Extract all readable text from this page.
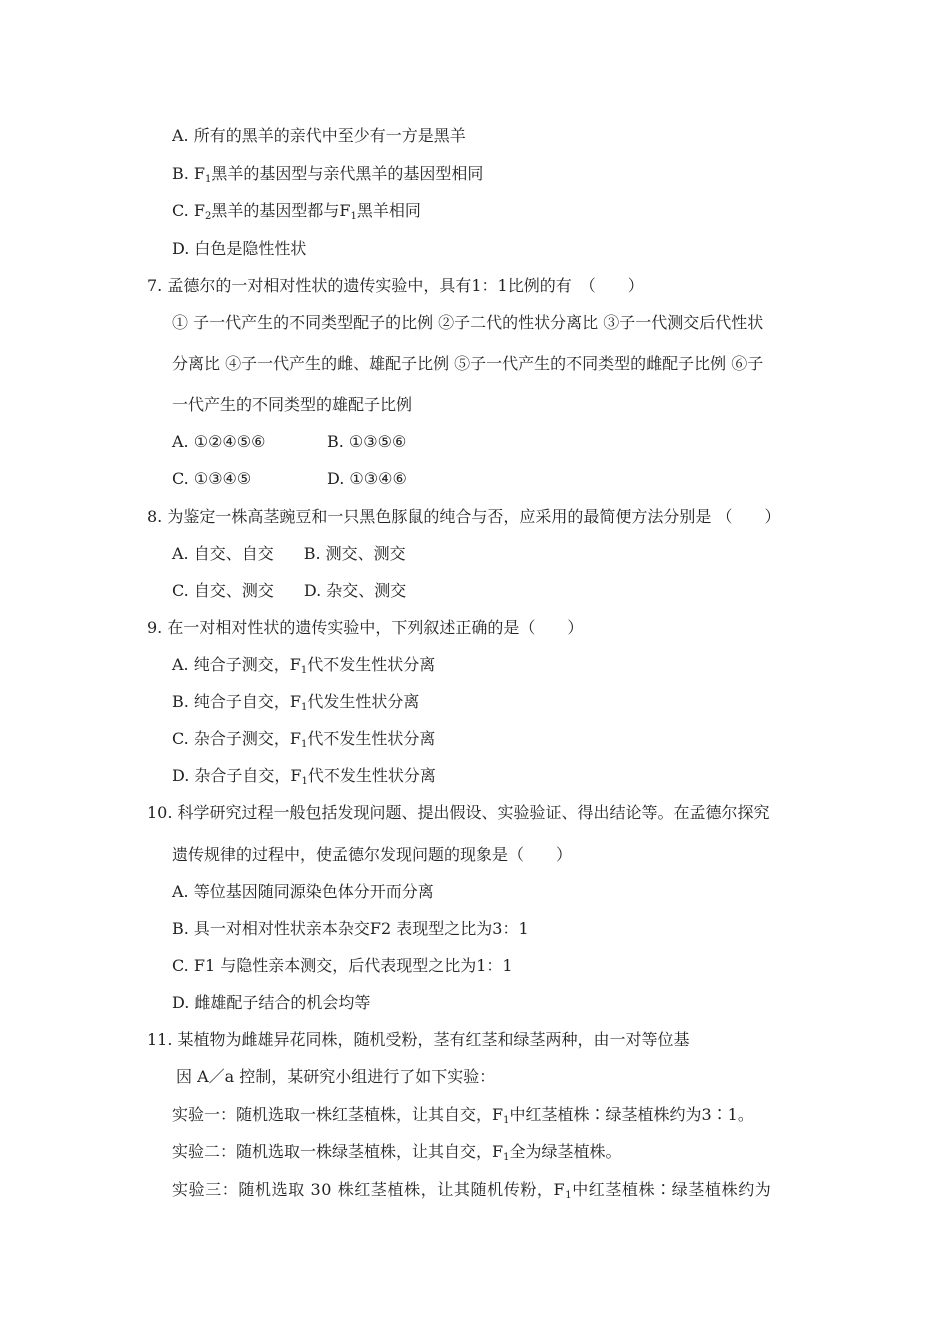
A. 所有的黑羊的亲代中至少有一方是黑羊
B. F1黑羊的基因型与亲代黑羊的基因型相同
C. F2黑羊的基因型都与F1黑羊相同
D. 白色是隐性性状
7. 孟德尔的一对相对性状的遗传实验中，具有1：1比例的有　（　　）
① 子一代产生的不同类型配子的比例 ②子二代的性状分离比 ③子一代测交后代性状
分离比 ④子一代产生的雌、雄配子比例 ⑤子一代产生的不同类型的雌配子比例 ⑥子
一代产生的不同类型的雄配子比例
A. ①②④⑤⑥	B. ①③⑤⑥
C. ①③④⑤	D. ①③④⑥
8. 为鉴定一株高茎豌豆和一只黑色豚鼠的纯合与否，应采用的最简便方法分别是 （　　）
A. 自交、自交 B. 测交、测交
C. 自交、测交 D. 杂交、测交
9. 在一对相对性状的遗传实验中，下列叙述正确的是（　　）
A. 纯合子测交，F1代不发生性状分离
B. 纯合子自交，F1代发生性状分离
C. 杂合子测交，F1代不发生性状分离
D. 杂合子自交，F1代不发生性状分离
10. 科学研究过程一般包括发现问题、提出假设、实验验证、得出结论等。在孟德尔探究
遗传规律的过程中，使孟德尔发现问题的现象是（　　）
A. 等位基因随同源染色体分开而分离
B. 具一对相对性状亲本杂交F2 表现型之比为3：1
C. F1 与隐性亲本测交，后代表现型之比为1：1
D. 雌雄配子结合的机会均等
11. 某植物为雌雄异花同株，随机受粉，茎有红茎和绿茎两种，由一对等位基
因 A／a 控制，某研究小组进行了如下实验：
实验一：随机选取一株红茎植株，让其自交，F1中红茎植株∶绿茎植株约为3∶1。
实验二：随机选取一株绿茎植株，让其自交，F1全为绿茎植株。
实验三：随机选取 30 株红茎植株，让其随机传粉，F1中红茎植株∶绿茎植株约为
